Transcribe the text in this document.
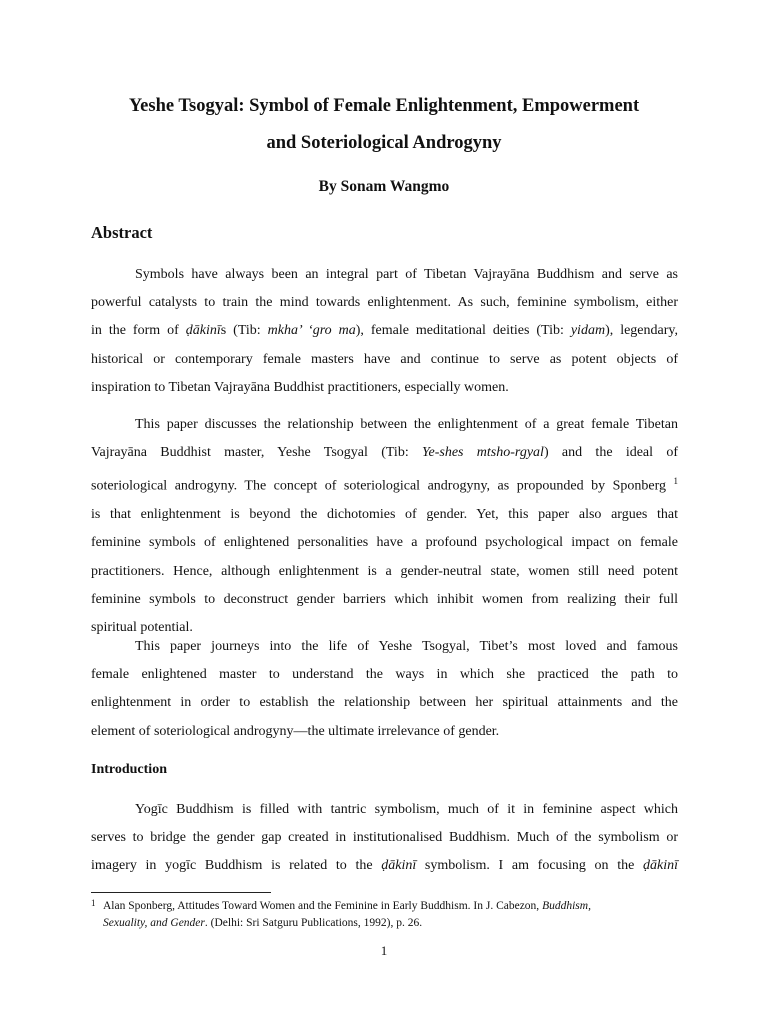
Yeshe Tsogyal: Symbol of Female Enlightenment, Empowerment
and Soteriological Androgyny
By Sonam Wangmo
Abstract
Symbols have always been an integral part of Tibetan Vajrayāna Buddhism and serve as
powerful catalysts to train the mind towards enlightenment. As such, feminine symbolism, either
in the form of ḍākinīs (Tib: mkha’ ‘gro ma), female meditational deities (Tib: yidam), legendary,
historical or contemporary female masters have and continue to serve as potent objects of
inspiration to Tibetan Vajrayāna Buddhist practitioners, especially women.
This paper discusses the relationship between the enlightenment of a great female Tibetan
Vajrayāna Buddhist master, Yeshe Tsogyal (Tib: Ye-shes mtsho-rgyal) and the ideal of
soteriological androgyny. The concept of soteriological androgyny, as propounded by Sponberg $^1$
is that enlightenment is beyond the dichotomies of gender. Yet, this paper also argues that
feminine symbols of enlightened personalities have a profound psychological impact on female
practitioners. Hence, although enlightenment is a gender-neutral state, women still need potent
feminine symbols to deconstruct gender barriers which inhibit women from realizing their full
spiritual potential.
This paper journeys into the life of Yeshe Tsogyal, Tibet’s most loved and famous
female enlightened master to understand the ways in which she practiced the path to
enlightenment in order to establish the relationship between her spiritual attainments and the
element of soteriological androgyny—the ultimate irrelevance of gender.
Introduction
Yogīc Buddhism is filled with tantric symbolism, much of it in feminine aspect which
serves to bridge the gender gap created in institutionalised Buddhism. Much of the symbolism or
imagery in yogīc Buddhism is related to the ḍākinī symbolism. I am focusing on the ḍākinī
1 Alan Sponberg, Attitudes Toward Women and the Feminine in Early Buddhism. In J. Cabezon, Buddhism,
Sexuality, and Gender. (Delhi: Sri Satguru Publications, 1992), p. 26.
1
